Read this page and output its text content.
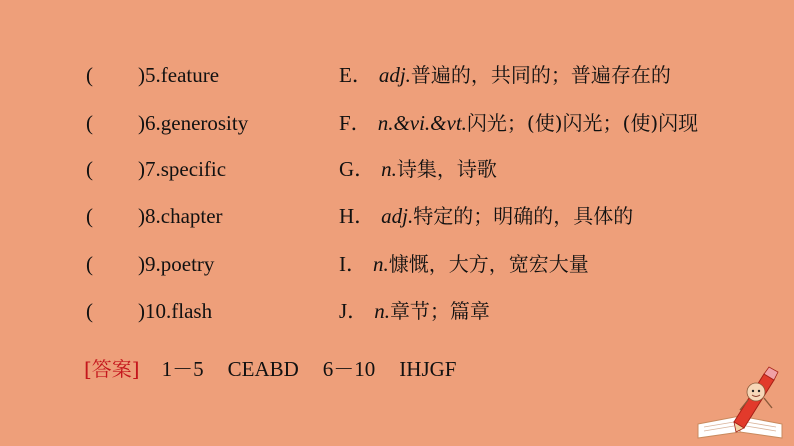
( ) 5.feature	E． adj.普遍的，共同的；普遍存在的
( ) 6.generosity	F． n.&vi.&vt.闪光；(使)闪光；(使)闪现
( ) 7.specific	G． n.诗集，诗歌
( ) 8.chapter	H． adj.特定的；明确的，具体的
( ) 9.poetry	I． n.慷慨，大方，宽宏大量
( ) 10.flash	J． n.章节；篇章
[答案] 1－5 CEABD 6－10 IHJGF
